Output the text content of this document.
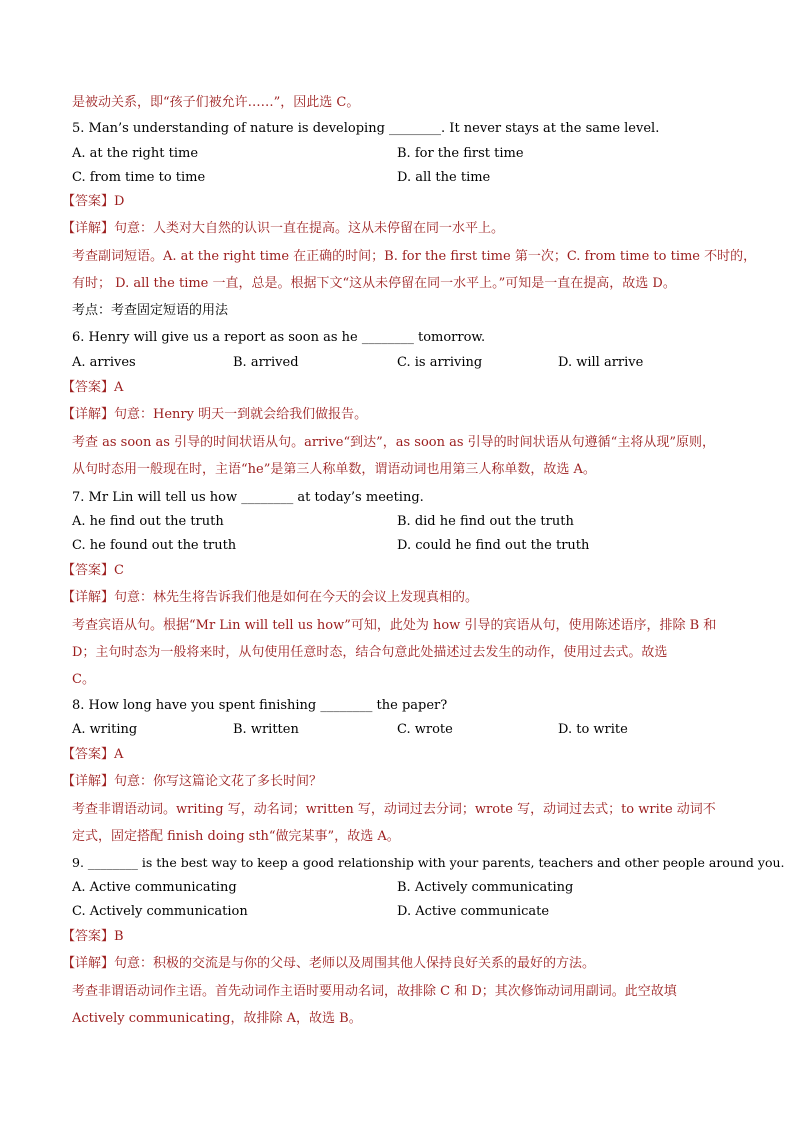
是被动关系，即“孩子们被允许……”，因此选 C。
5. Man’s understanding of nature is developing ________. It never stays at the same level.
A. at the right time	B. for the first time
C. from time to time	D. all the time
【答案】D
【详解】句意：人类对大自然的认识一直在提高。这从未停留在同一水平上。
考查副词短语。A. at the right time 在正确的时间；B. for the first time 第一次；C. from time to time 不时的，
有时； D. all the time 一直，总是。根据下文“这从未停留在同一水平上。”可知是一直在提高，故选 D。
考点：考查固定短语的用法
6. Henry will give us a report as soon as he ________ tomorrow.
A. arrives	B. arrived	C. is arriving	D. will arrive
【答案】A
【详解】句意：Henry 明天一到就会给我们做报告。
考查 as soon as 引导的时间状语从句。arrive“到达”，as soon as 引导的时间状语从句遵循“主将从现”原则，
从句时态用一般现在时，主语“he”是第三人称单数，谓语动词也用第三人称单数，故选 A。
7. Mr Lin will tell us how ________ at today’s meeting.
A. he find out the truth	B. did he find out the truth
C. he found out the truth	D. could he find out the truth
【答案】C
【详解】句意：林先生将告诉我们他是如何在今天的会议上发现真相的。
考查宾语从句。根据“Mr Lin will tell us how”可知，此处为 how 引导的宾语从句，使用陈述语序，排除 B 和
D；主句时态为一般将来时，从句使用任意时态，结合句意此处描述过去发生的动作，使用过去式。故选
C。
8. How long have you spent finishing ________ the paper?
A. writing	B. written	C. wrote	D. to write
【答案】A
【详解】句意：你写这篇论文花了多长时间？
考查非谓语动词。writing 写，动名词；written 写，动词过去分词；wrote 写，动词过去式；to write 动词不
定式，固定搭配 finish doing sth“做完某事”，故选 A。
9. ________ is the best way to keep a good relationship with your parents, teachers and other people around you.
A. Active communicating	B. Actively communicating
C. Actively communication	D. Active communicate
【答案】B
【详解】句意：积极的交流是与你的父母、老师以及周围其他人保持良好关系的最好的方法。
考查非谓语动词作主语。首先动词作主语时要用动名词，故排除 C 和 D；其次修饰动词用副词。此空故填
Actively communicating，故排除 A，故选 B。
